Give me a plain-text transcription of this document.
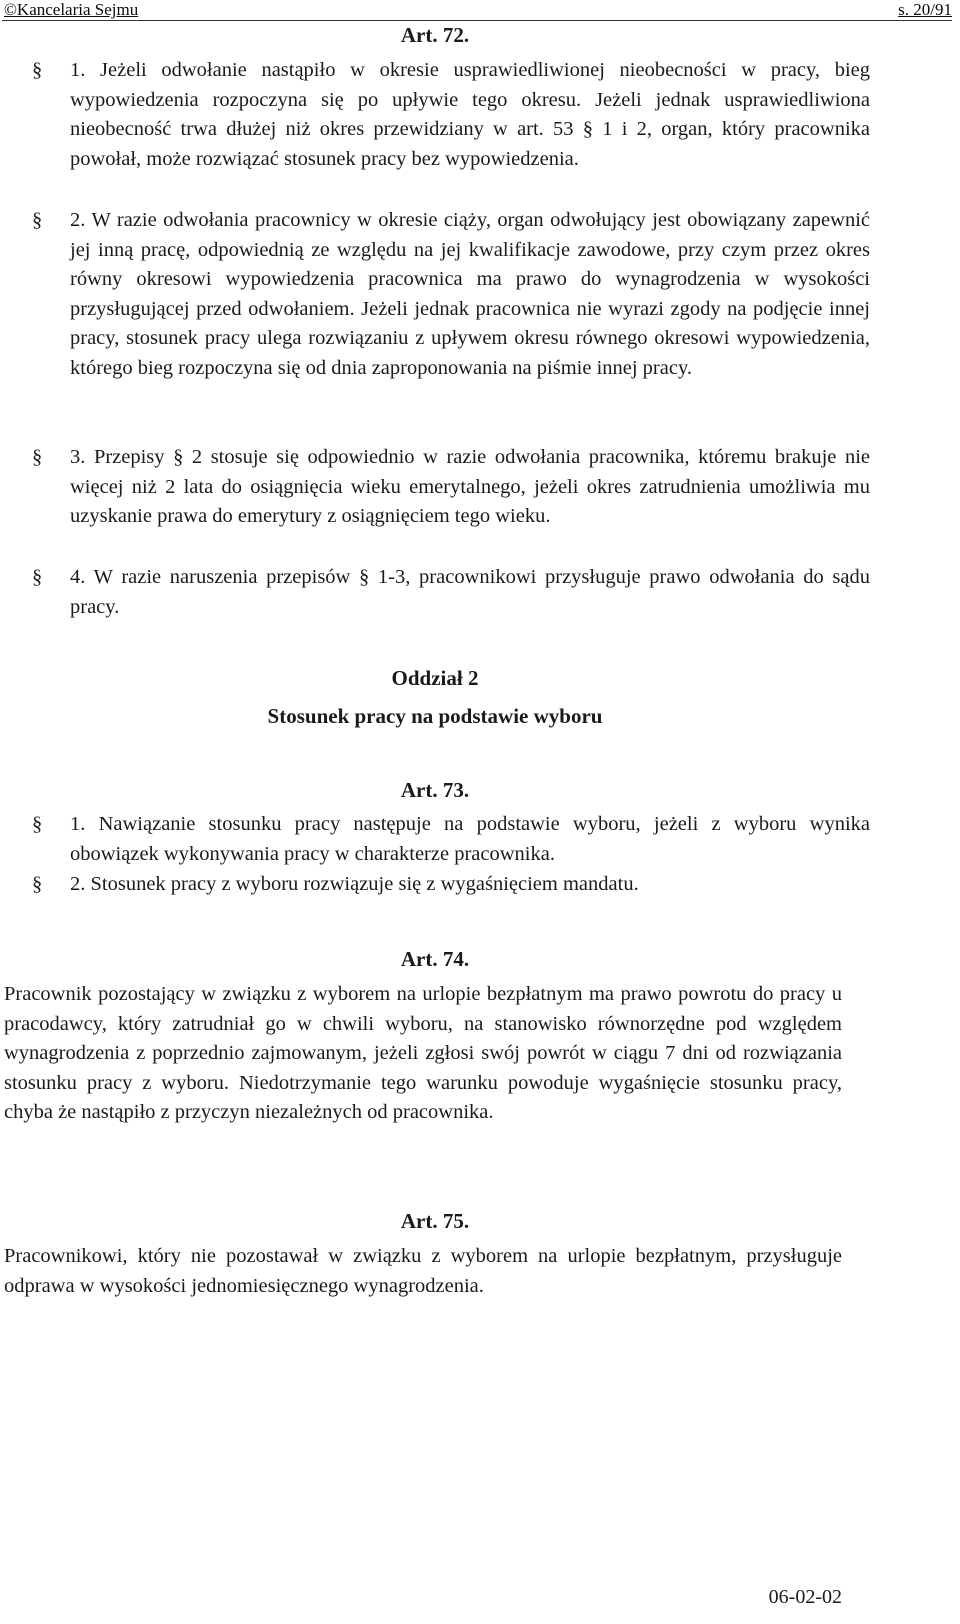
©Kancelaria Sejmu	s. 20/91
Art. 72.
§ 1. Jeżeli odwołanie nastąpiło w okresie usprawiedliwionej nieobecności w pracy, bieg wypowiedzenia rozpoczyna się po upływie tego okresu. Jeżeli jednak usprawiedliwiona nieobecność trwa dłużej niż okres przewidziany w art. 53 § 1 i 2, organ, który pracownika powołał, może rozwiązać stosunek pracy bez wypowiedzenia.
§ 2. W razie odwołania pracownicy w okresie ciąży, organ odwołujący jest obowiązany zapewnić jej inną pracę, odpowiednią ze względu na jej kwalifikacje zawodowe, przy czym przez okres równy okresowi wypowiedzenia pracownica ma prawo do wynagrodzenia w wysokości przysługującej przed odwołaniem. Jeżeli jednak pracownica nie wyrazi zgody na podjęcie innej pracy, stosunek pracy ulega rozwiązaniu z upływem okresu równego okresowi wypowiedzenia, którego bieg rozpoczyna się od dnia zaproponowania na piśmie innej pracy.
§ 3. Przepisy § 2 stosuje się odpowiednio w razie odwołania pracownika, któremu brakuje nie więcej niż 2 lata do osiągnięcia wieku emerytalnego, jeżeli okres zatrudnienia umożliwia mu uzyskanie prawa do emerytury z osiągnięciem tego wieku.
§ 4. W razie naruszenia przepisów § 1-3, pracownikowi przysługuje prawo odwołania do sądu pracy.
Oddział 2
Stosunek pracy na podstawie wyboru
Art. 73.
§ 1. Nawiązanie stosunku pracy następuje na podstawie wyboru, jeżeli z wyboru wynika obowiązek wykonywania pracy w charakterze pracownika.
§ 2. Stosunek pracy z wyboru rozwiązuje się z wygaśnięciem mandatu.
Art. 74.
Pracownik pozostający w związku z wyborem na urlopie bezpłatnym ma prawo powrotu do pracy u pracodawcy, który zatrudniał go w chwili wyboru, na stanowisko równorzędne pod względem wynagrodzenia z poprzednio zajmowanym, jeżeli zgłosi swój powrót w ciągu 7 dni od rozwiązania stosunku pracy z wyboru. Niedotrzymanie tego warunku powoduje wygaśnięcie stosunku pracy, chyba że nastąpiło z przyczyn niezależnych od pracownika.
Art. 75.
Pracownikowi, który nie pozostawał w związku z wyborem na urlopie bezpłatnym, przysługuje odprawa w wysokości jednomiesięcznego wynagrodzenia.
06-02-02
